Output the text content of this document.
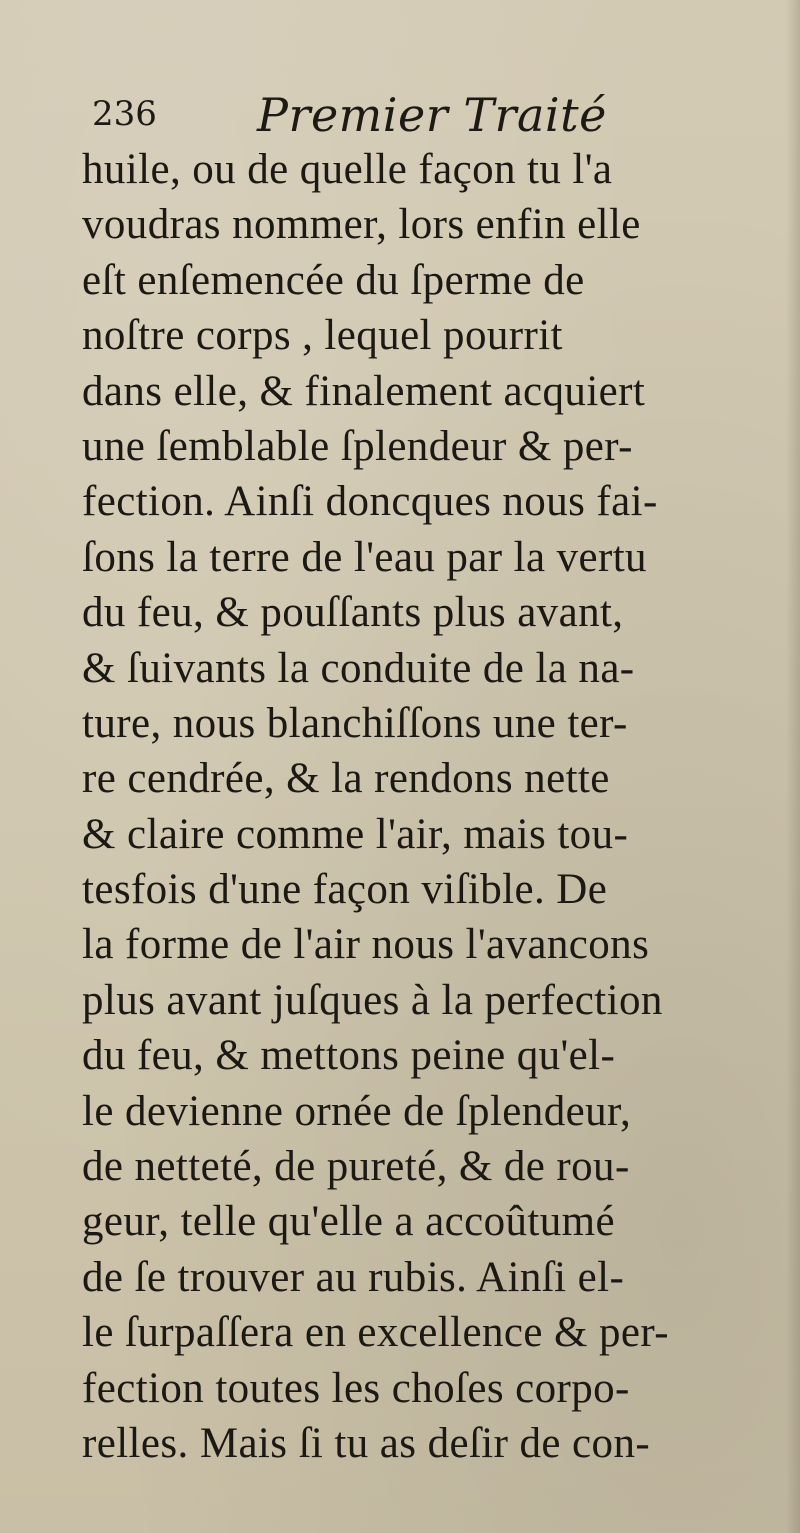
236 Premier Traité
huile, ou de quelle façon tu l'a
voudras nommer, lors enfin elle
eſt enſemencée du ſperme de
noſtre corps , lequel pourrit
dans elle, & finalement acquiert
une ſemblable ſplendeur & per-
fection. Ainſi doncques nous fai-
ſons la terre de l'eau par la vertu
du feu, & pouſſants plus avant,
& ſuivants la conduite de la na-
ture, nous blanchiſſons une ter-
re cendrée, & la rendons nette
& claire comme l'air, mais tou-
tesfois d'une façon viſible. De
la forme de l'air nous l'avancons
plus avant juſques à la perfection
du feu, & mettons peine qu'el-
le devienne ornée de ſplendeur,
de netteté, de pureté, & de rou-
geur, telle qu'elle a accoûtumé
de ſe trouver au rubis. Ainſi el-
le ſurpaſſera en excellence & per-
fection toutes les choſes corpo-
relles. Mais ſi tu as deſir de con-
